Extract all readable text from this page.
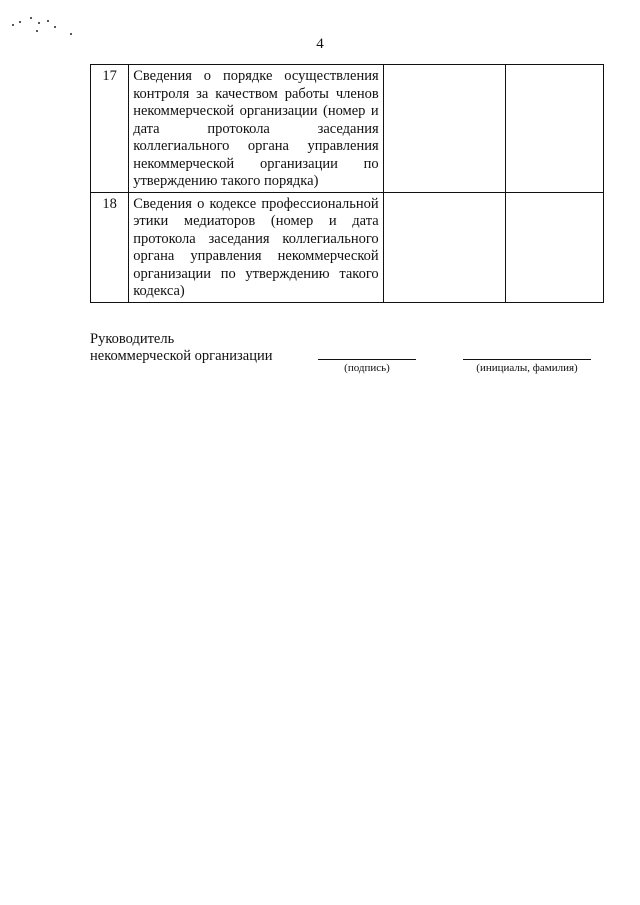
4
17	Сведения о порядке осуществления контроля за качеством работы членов некоммерческой организации (номер и дата протокола заседания коллегиального органа управления некоммерческой организации по утверждению такого порядка)		
18	Сведения о кодексе профессиональной этики медиаторов (номер и дата протокола заседания коллегиального органа управления некоммерческой организации по утверждению такого кодекса)		
Руководитель
некоммерческой организации
(подпись)	(инициалы, фамилия)
